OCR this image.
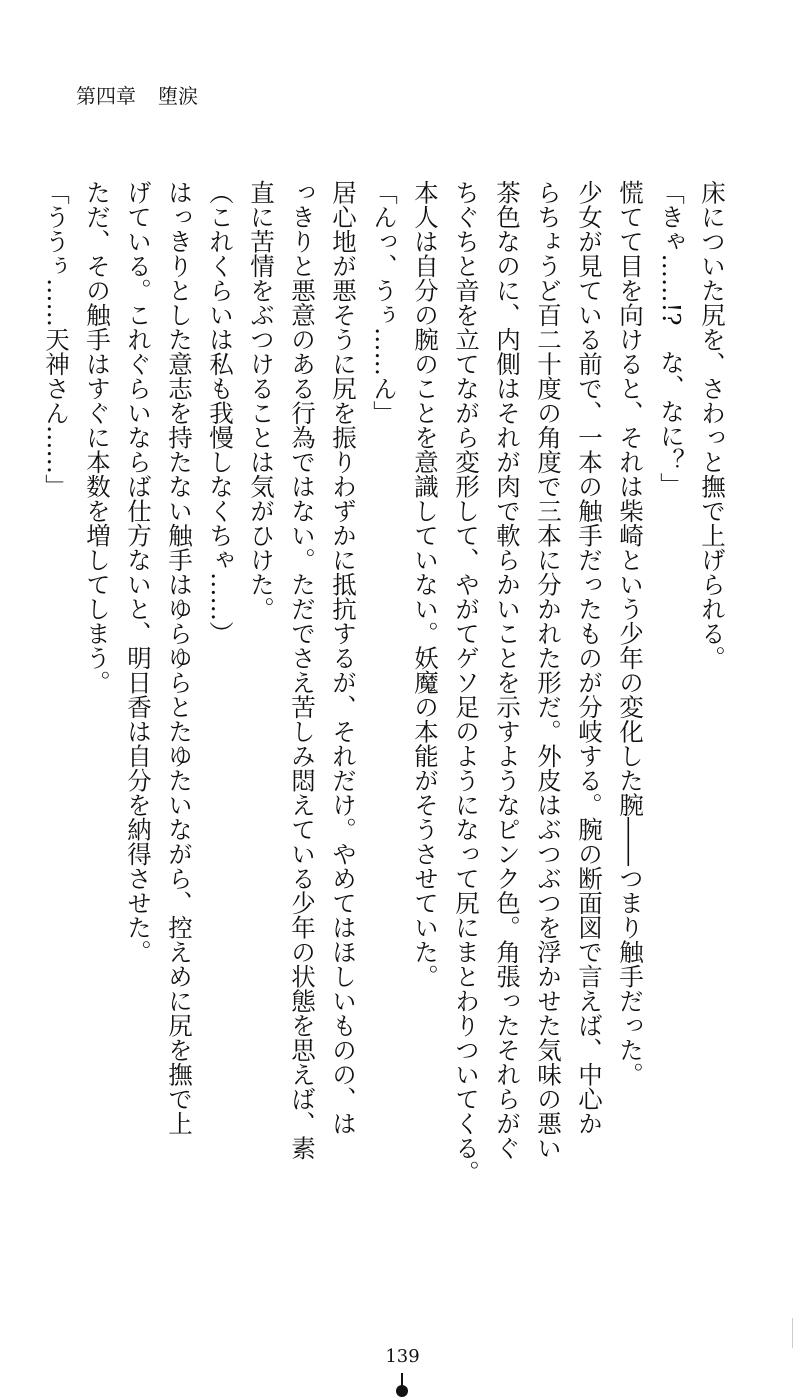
第四章 堕涙

床についた尻を、さわっと撫で上げられる。

「きゃ……!?　な、なに？」

慌てて目を向けると、それは柴崎という少年の変化した腕――つまり触手だった。

少女が見ている前で、一本の触手だったものが分岐する。腕の断面図で言えば、中心か

らちょうど百二十度の角度で三本に分かれた形だ。外皮はぶつぶつを浮かせた気味の悪い

茶色なのに、内側はそれが肉で軟らかいことを示すようなピンク色。角張ったそれらがぐ

ちぐちと音を立てながら変形して、やがてゲソ足のようになって尻にまとわりついてくる。

本人は自分の腕のことを意識していない。妖魔の本能がそうさせていた。

「んっ、うぅ……ん」

居心地が悪そうに尻を振りわずかに抵抗するが、それだけ。やめてはほしいものの、は

っきりと悪意のある行為ではない。ただでさえ苦しみ悶えている少年の状態を思えば、素

直に苦情をぶつけることは気がひけた。

（これくらいは私も我慢しなくちゃ……）

はっきりとした意志を持たない触手はゆらゆらとたゆたいながら、控えめに尻を撫で上

げている。これぐらいならば仕方ないと、明日香は自分を納得させた。

ただ、その触手はすぐに本数を増してしまう。

「ううぅ……天神さん……」

139
